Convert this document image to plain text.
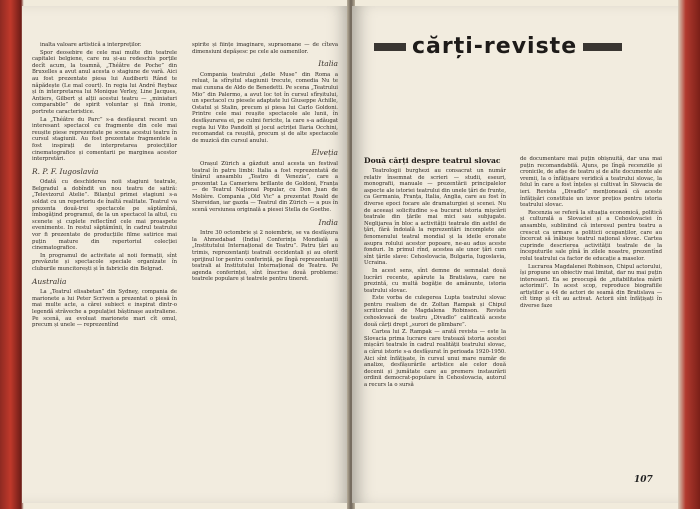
inalta valoare artistică a interpreților.

Spor deosebire de cele mai multe din teatrele capitalei belgiene, care nu și-au redeschis porțile decît acum, la toamnă, „Théâtre de Poche” din Bruxelles a avut anul acesta o stagiune de vară. Aici au fost prezentate piesa lui Audiberti Rând te năpădește (Le mal court). In regia lui André Reybaz și în interpretarea lui Monique Verley, Line Jacques, Antiers, Gilbert și alții acestui teatru — „miniaturi comparabile” de spirit voluntar și fină ironie, portrete caracteristice.

La „Théâtre du Parc” s-a desfășurat recent un interesant spectacol cu fragmente din cele mai reușite piese reprezentate pe scena acestui teatru în cursul stagiunii. Au fost prezentate fragmentele a fost inspirați de interpretarea proiecțiilor cinematografice și comentarii pe marginea acestor interpretări.

R. P. F. Iugoslavia

Odată cu deschiderea noii stagiuni teatrale, Belgradul a dobîndit un nou teatru de satiră: „Televizorul Atelie”. Bilanțul primei stagiuni s-a soldat cu un repertoriu de înaltă realitate. Teatrul va prezenta două-trei spectacole pe săptămînă, îmbogățind programul, de la un spectacol la altul, cu scenete și cuplete reflectînd cele mai proaspete evenimente. In restul săptămînii, în cadrul teatrului vor fi prezentate de producțiile filme satirice mai puțin mature din repertoriul colecției cinematografice.

In programul de activitate al noii formații, sînt prevăzute și spectacole speciale organizate în cluburile muncitorești și în fabricile din Belgrad.

Australia

La „Teatrul elisabetan” din Sydney, compania de marionete a lui Peter Scriven a prezentat o piesă în mai multe acte, a cărei subiect e inspirat dintr-o legendă străveche a populației băștinașe australiene. Pe scenă, au evoluat marionete mari cît omul, precum și unele — reprezentînd

spirite și ființe imaginare, supraomane — de cîteva dimensiuni depășesc pe cele ale oamenilor.

Italia

Compania teatrului „delle Muse” din Roma a reluat, la sfîrșitul stagiunii trecute, comedia Nu te mai cununa de Aldo de Benedetti. Pe scena „Teatrului Mio” din Palermo, a avut loc tot în cursul sfîrșitului, un spectacol cu piesele adaptate lui Giuseppe Achille, Ostatul și Stalin, precum și piesa lui Carlo Goldoni. Printre cele mai reușite spectacole ale lunii, în desfășurarea ei, pe culmi fericite, la care s-a adăugat regia lui Vito Pandolfi și jocul actriței Ilaria Occhini, recomandat ca reușită, precum și de alte spectacole de muzică din cursul anului.

Elveția

Orașul Zürich a găzduit anul acesta un festival teatral în patru limbi: Italia a fost reprezentată de tînărul ansamblu „Teatro di Venezia”, care a prezentat La Cameriera brillante de Goldoni, Franța — de Teatrul Național Popular, cu Don Juan de Molière. Compania „Old Vic” a prezentat Roald de Shereidan, iar gazda — Teatrul din Zürich — a pus în scenă versiunea originală a piesei Stella de Goethe.

India

Intre 30 octombrie și 2 noiembrie, se va desfășura la Ahmedabad (India) Conferința Mondială a „Institutului Internațional de Teatru”. Patru țări au trimis, reprezentanți teatrali occidentali și au oferit sprijinul lor pentru conferință, pe lîngă reprezentanții teatrali ai Institutului Internațional de Teatru. Pe agenda conferinței, sînt înscrise două probleme: teatrele populare și teatrele pentru tineret.

cărți-reviste
Două cărți despre teatrul slovac

Teatrologii burghezi au consacrat un număr relativ însemnat de scrieri — studii, eseuri, monografii, manuale — prezentării principalelor aspecte ale istoriei teatrului din unele țări de frunte, ca Germania, Franța, Italia, Anglia, care au fost în diverse epoci focare ale dramaturgiei și scenei. Nu de aceeași solicitudine s-a bucurat istoria mișcării teatrale din țările mai mici sau subjugate. Neglijarea în bloc a activității teatrale din astfel de țări, fără îndoială la reprezentări incomplete ale fenomenului teatral mondial și la ideile eronate asupra rolului acestor popoare, ne-au adus aceste fonduri. In primul rînd, acestea ale unor țări cum sînt țările slave: Cehoslovacia, Bulgaria, Iugoslavia, Ucraina.

In acest sens, sînt demne de semnalat două lucrări recente, apărute la Bratislava, care ne prezintă, cu multă bogăție de amănunte, istoria teatrului slovac.

Este vorba de culegerea Lupta teatrului slovac pentru realism de dr. Zoltan Rampak și Chipul scriitorului de Magdalena Robinson. Revista cehoslovacă de teatru „Divadlo” calificată aceste două cărți drept „surori de plimbare”.

Cartea lui Z. Rampak — arată revista — este la Slovacia prima lucrare care tratează istoria acestei mișcări teatrale în cadrul realității teatrului slovac, a cărui istorie s-a desfășurat în perioada 1920-1950. Aici sînt înfățișate, în cursul unui mare număr de analize, desfășurările artistice ale celor două decenii și jumătate care au premers instaurării ordinii democrat-populare în Cehoslovacia, autorul a recurs la o sursă

de documentare mai puțin obișnuită, dar una mai puțin recomandabilă. Ajuns, pe lîngă recenziile și cronicile, de afișe de teatru și de alte documente ale vremii, la o înfățișare veridică a teatrului slovac, la felul în care a fost înțeles și cultivat în Slovacia de ieri. Revista „Divadlo” menționează că aceste înfățișări constituie un izvor prețios pentru istoria teatrului slovac.

Recenzia se referă la situația economică, politică și culturală a Slovaciei și a Cehoslovaciei în ansamblu, subliniind că interesul pentru teatru a crescut ca urmare a politicii ocupanților, care au încercat să înăbușe teatrul național slovac. Cartea cuprinde descrierea activității teatrale de la începuturile sale pînă în zilele noastre, prezentînd rolul teatrului ca factor de educație a maselor.

Lucrarea Magdalenei Robinson, Chipul actorului, își propune un obiectiv mai limitat, dar nu mai puțin interesant. Ea se preocupă de „nitabilitatea mării actorimii”. In acest scop, reproduce biografiile artiștilor a 44 de actori de seamă din Bratislava — cît timp și cît au activat. Actorii sînt înfățișați în diverse faze

107
